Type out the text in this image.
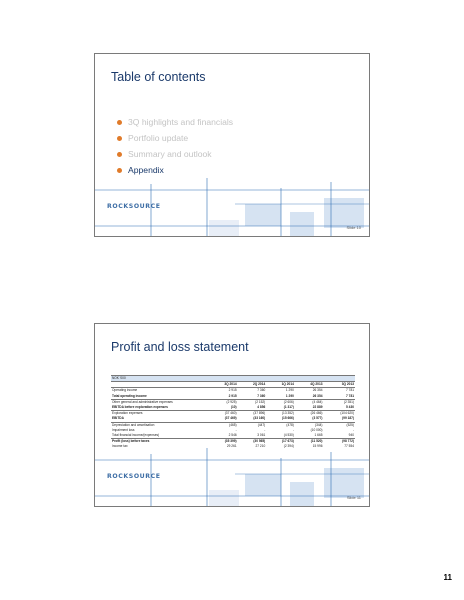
Table of contents
3Q highlights and financials
Portfolio update
Summary and outlook
Appendix
ROCKSOURCE
Slide 10
Profit and loss statement
NOK '000					
	3Q 2014	2Q 2014	1Q 2014	4Q 2013	3Q 2013
Operating income	2 915	7 360	1 290	26 354	7 781
Total operating income	2 915	7 360	1 290	26 354	7 781
Other general and administrative expenses	(2 925)	(2 152)	(2 606)	(4 464)	(2 351)
EBITDA before exploration expenses	(10)	4 856	(1 317)	22 889	5 430
Exploration expenses	(37 460)	(37 896)	(13 352)	(26 466)	(104 620)
EBITDA	(37 469)	(33 160)	(15 666)	(3 577)	(99 187)
Depreciation and amortisation	(465)	(447)	(478)	(344)	(525)
Impairment loss	-	-	-	(10 000)	-
Total financial income/(expenses)	2 546	3 061	(4 530)	1 665	940
Profit (loss) before taxes	(35 399)	(30 565)	(17 673)	(11 520)	(98 772)
Income tax	29 261	27 210	(2 394)	15 996	77 554

ROCKSOURCE
Slide 11
11
